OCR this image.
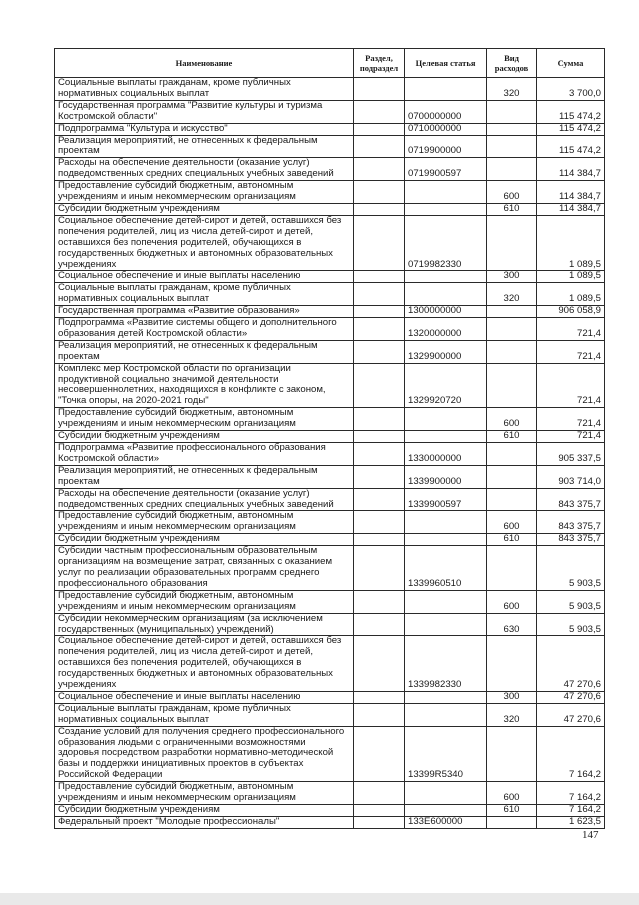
Наименование	Раздел, подраздел	Целевая статья	Вид расходов	Сумма

Социальные выплаты гражданам, кроме публичных
нормативных социальных выплат			320	3 700,0

Государственная программа "Развитие культуры и туризма
Костромской области"		0700000000		115 474,2

Подпрограмма "Культура и искусство"		0710000000		115 474,2

Реализация мероприятий, не отнесенных к федеральным
проектам		0719900000		115 474,2

Расходы на обеспечение деятельности (оказание услуг)
подведомственных средних специальных учебных заведений		0719900597		114 384,7

Предоставление субсидий бюджетным, автономным
учреждениям и иным некоммерческим организациям			600	114 384,7

Субсидии бюджетным учреждениям			610	114 384,7

Социальное обеспечение детей-сирот и детей, оставшихся без
попечения родителей, лиц из числа детей-сирот и детей,
оставшихся без попечения родителей, обучающихся в
государственных бюджетных и автономных образовательных
учреждениях		0719982330		1 089,5

Социальное обеспечение и иные выплаты населению			300	1 089,5

Социальные выплаты гражданам, кроме публичных
нормативных социальных выплат			320	1 089,5

Государственная программа «Развитие образования»		1300000000		906 058,9

Подпрограмма «Развитие системы общего и дополнительного
образования детей Костромской области»		1320000000		721,4

Реализация мероприятий, не отнесенных к федеральным
проектам		1329900000		721,4

Комплекс мер Костромской области по организации
продуктивной социально значимой деятельности
несовершеннолетних, находящихся в конфликте с законом,
"Точка опоры, на 2020-2021 годы"		1329920720		721,4

Предоставление субсидий бюджетным, автономным
учреждениям и иным некоммерческим организациям			600	721,4

Субсидии бюджетным учреждениям			610	721,4

Подпрограмма «Развитие профессионального образования
Костромской области»		1330000000		905 337,5

Реализация мероприятий, не отнесенных к федеральным
проектам		1339900000		903 714,0

Расходы на обеспечение деятельности (оказание услуг)
подведомственных средних специальных учебных заведений		1339900597		843 375,7

Предоставление субсидий бюджетным, автономным
учреждениям и иным некоммерческим организациям			600	843 375,7

Субсидии бюджетным учреждениям			610	843 375,7

Субсидии частным профессиональным образовательным
организациям на возмещение затрат, связанных с оказанием
услуг по реализации образовательных программ среднего
профессионального образования		1339960510		5 903,5

Предоставление субсидий бюджетным, автономным
учреждениям и иным некоммерческим организациям			600	5 903,5

Субсидии некоммерческим организациям (за исключением
государственных (муниципальных) учреждений)			630	5 903,5

Социальное обеспечение детей-сирот и детей, оставшихся без
попечения родителей, лиц из числа детей-сирот и детей,
оставшихся без попечения родителей, обучающихся в
государственных бюджетных и автономных образовательных
учреждениях		1339982330		47 270,6

Социальное обеспечение и иные выплаты населению			300	47 270,6

Социальные выплаты гражданам, кроме публичных
нормативных социальных выплат			320	47 270,6

Создание условий для получения среднего профессионального
образования людьми с ограниченными возможностями
здоровья посредством разработки нормативно-методической
базы и поддержки инициативных проектов в субъектах
Российской Федерации		13399R5340		7 164,2

Предоставление субсидий бюджетным, автономным
учреждениям и иным некоммерческим организациям			600	7 164,2

Субсидии бюджетным учреждениям			610	7 164,2

Федеральный проект "Молодые профессионалы"		133E600000		1 623,5
147
